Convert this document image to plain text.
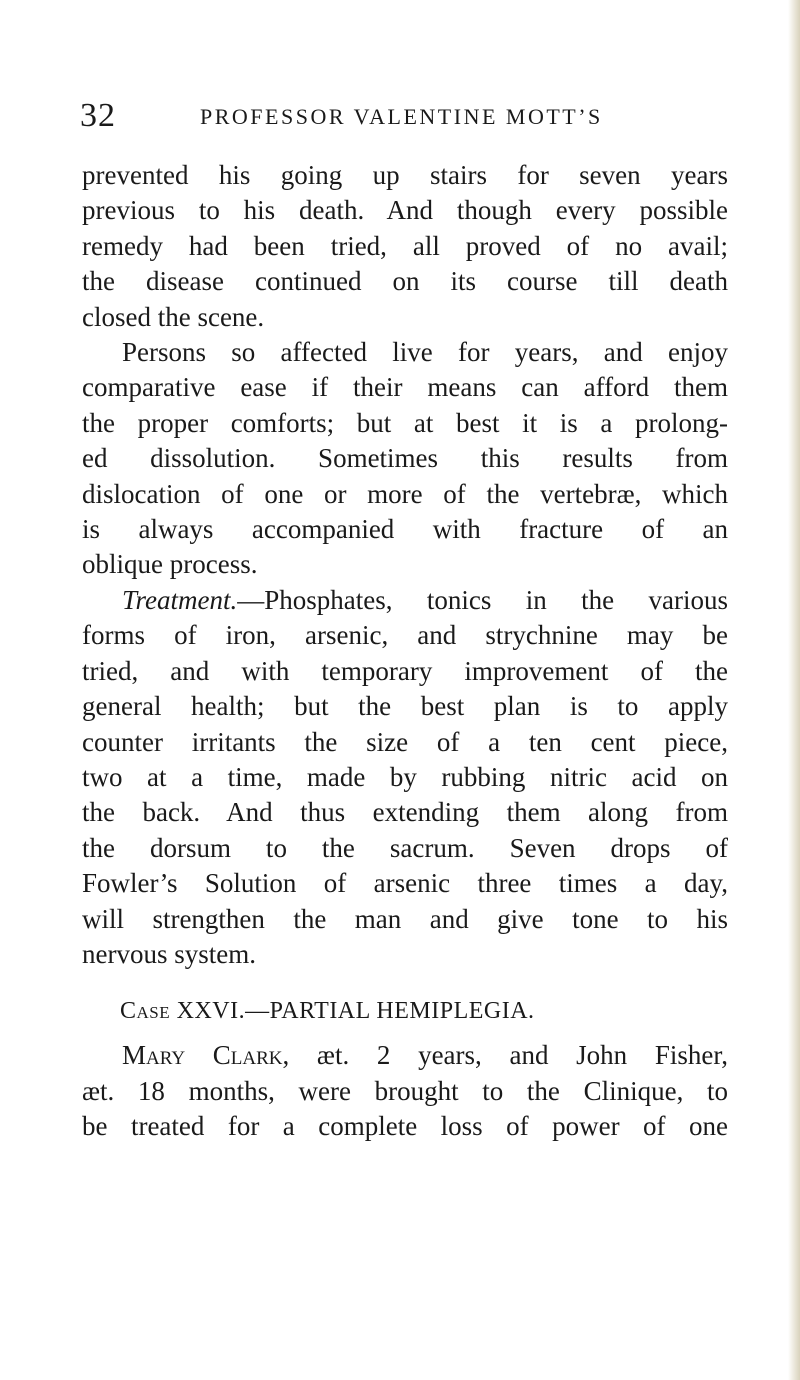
32	PROFESSOR VALENTINE MOTT’S

prevented his going up stairs for seven years
previous to his death. And though every possible
remedy had been tried, all proved of no avail;
the disease continued on its course till death
closed the scene.

Persons so affected live for years, and enjoy
comparative ease if their means can afford them
the proper comforts; but at best it is a prolong-
ed dissolution. Sometimes this results from
dislocation of one or more of the vertebræ, which
is always accompanied with fracture of an
oblique process.

Treatment.—Phosphates, tonics in the various
forms of iron, arsenic, and strychnine may be
tried, and with temporary improvement of the
general health; but the best plan is to apply
counter irritants the size of a ten cent piece,
two at a time, made by rubbing nitric acid on
the back. And thus extending them along from
the dorsum to the sacrum. Seven drops of
Fowler’s Solution of arsenic three times a day,
will strengthen the man and give tone to his
nervous system.

Case XXVI.—PARTIAL HEMIPLEGIA.

Mary Clark, æt. 2 years, and John Fisher,
æt. 18 months, were brought to the Clinique, to
be treated for a complete loss of power of one
